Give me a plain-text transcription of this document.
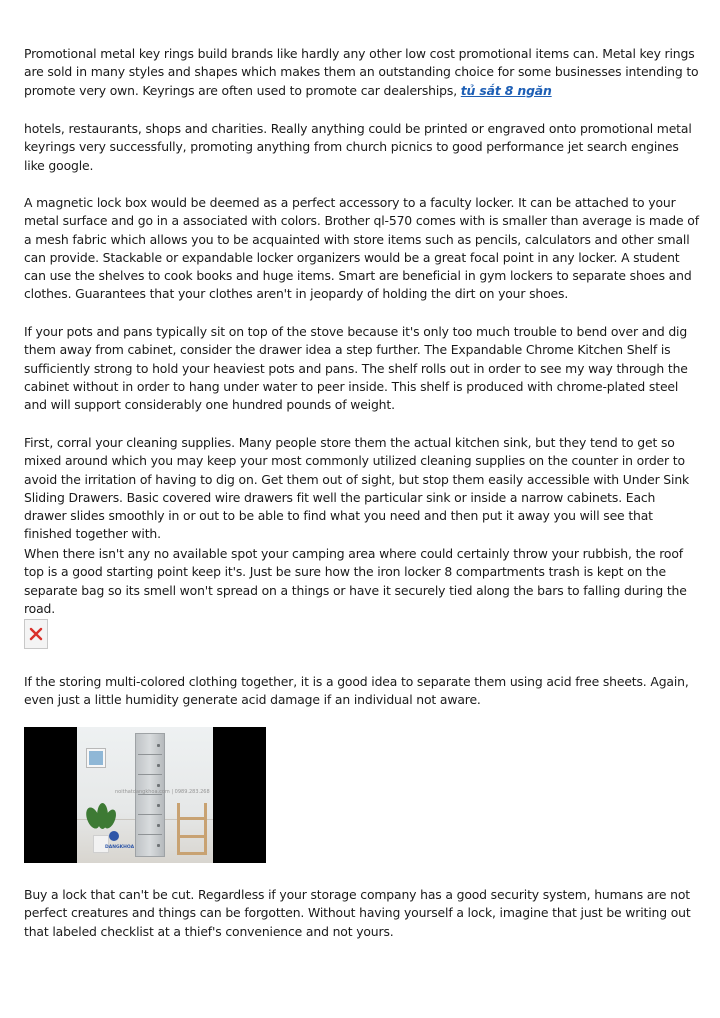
Promotional metal key rings build brands like hardly any other low cost promotional items can. Metal key rings are sold in many styles and shapes which makes them an outstanding choice for some businesses intending to promote very own. Keyrings are often used to promote car dealerships, tủ sắt 8 ngăn

hotels, restaurants, shops and charities. Really anything could be printed or engraved onto promotional metal keyrings very successfully, promoting anything from church picnics to good performance jet search engines like google.

A magnetic lock box would be deemed as a perfect accessory to a faculty locker. It can be attached to your metal surface and go in a associated with colors. Brother ql-570 comes with is smaller than average is made of a mesh fabric which allows you to be acquainted with store items such as pencils, calculators and other small can provide. Stackable or expandable locker organizers would be a great focal point in any locker. A student can use the shelves to cook books and huge items. Smart are beneficial in gym lockers to separate shoes and clothes. Guarantees that your clothes aren't in jeopardy of holding the dirt on your shoes.

If your pots and pans typically sit on top of the stove because it's only too much trouble to bend over and dig them away from cabinet, consider the drawer idea a step further. The Expandable Chrome Kitchen Shelf is sufficiently strong to hold your heaviest pots and pans. The shelf rolls out in order to see my way through the cabinet without in order to hang under water to peer inside. This shelf is produced with chrome-plated steel and will support considerably one hundred pounds of weight.

First, corral your cleaning supplies. Many people store them the actual kitchen sink, but they tend to get so mixed around which you may keep your most commonly utilized cleaning supplies on the counter in order to avoid the irritation of having to dig on. Get them out of sight, but stop them easily accessible with Under Sink Sliding Drawers. Basic covered wire drawers fit well the particular sink or inside a narrow cabinets. Each drawer slides smoothly in or out to be able to find what you need and then put it away you will see that finished together with.

When there isn't any no available spot your camping area where could certainly throw your rubbish, the roof top is a good starting point keep it's. Just be sure how the iron locker 8 compartments trash is kept on the separate bag so its smell won't spread on a things or have it securely tied along the bars to falling during the road.

If the storing multi-colored clothing together, it is a good idea to separate them using acid free sheets. Again, even just a little humidity generate acid damage if an individual not aware.

noithatdangkhoa.com | 0989.283.268
DANGKHOA

Buy a lock that can't be cut. Regardless if your storage company has a good security system, humans are not perfect creatures and things can be forgotten. Without having yourself a lock, imagine that just be writing out that labeled checklist at a thief's convenience and not yours.
